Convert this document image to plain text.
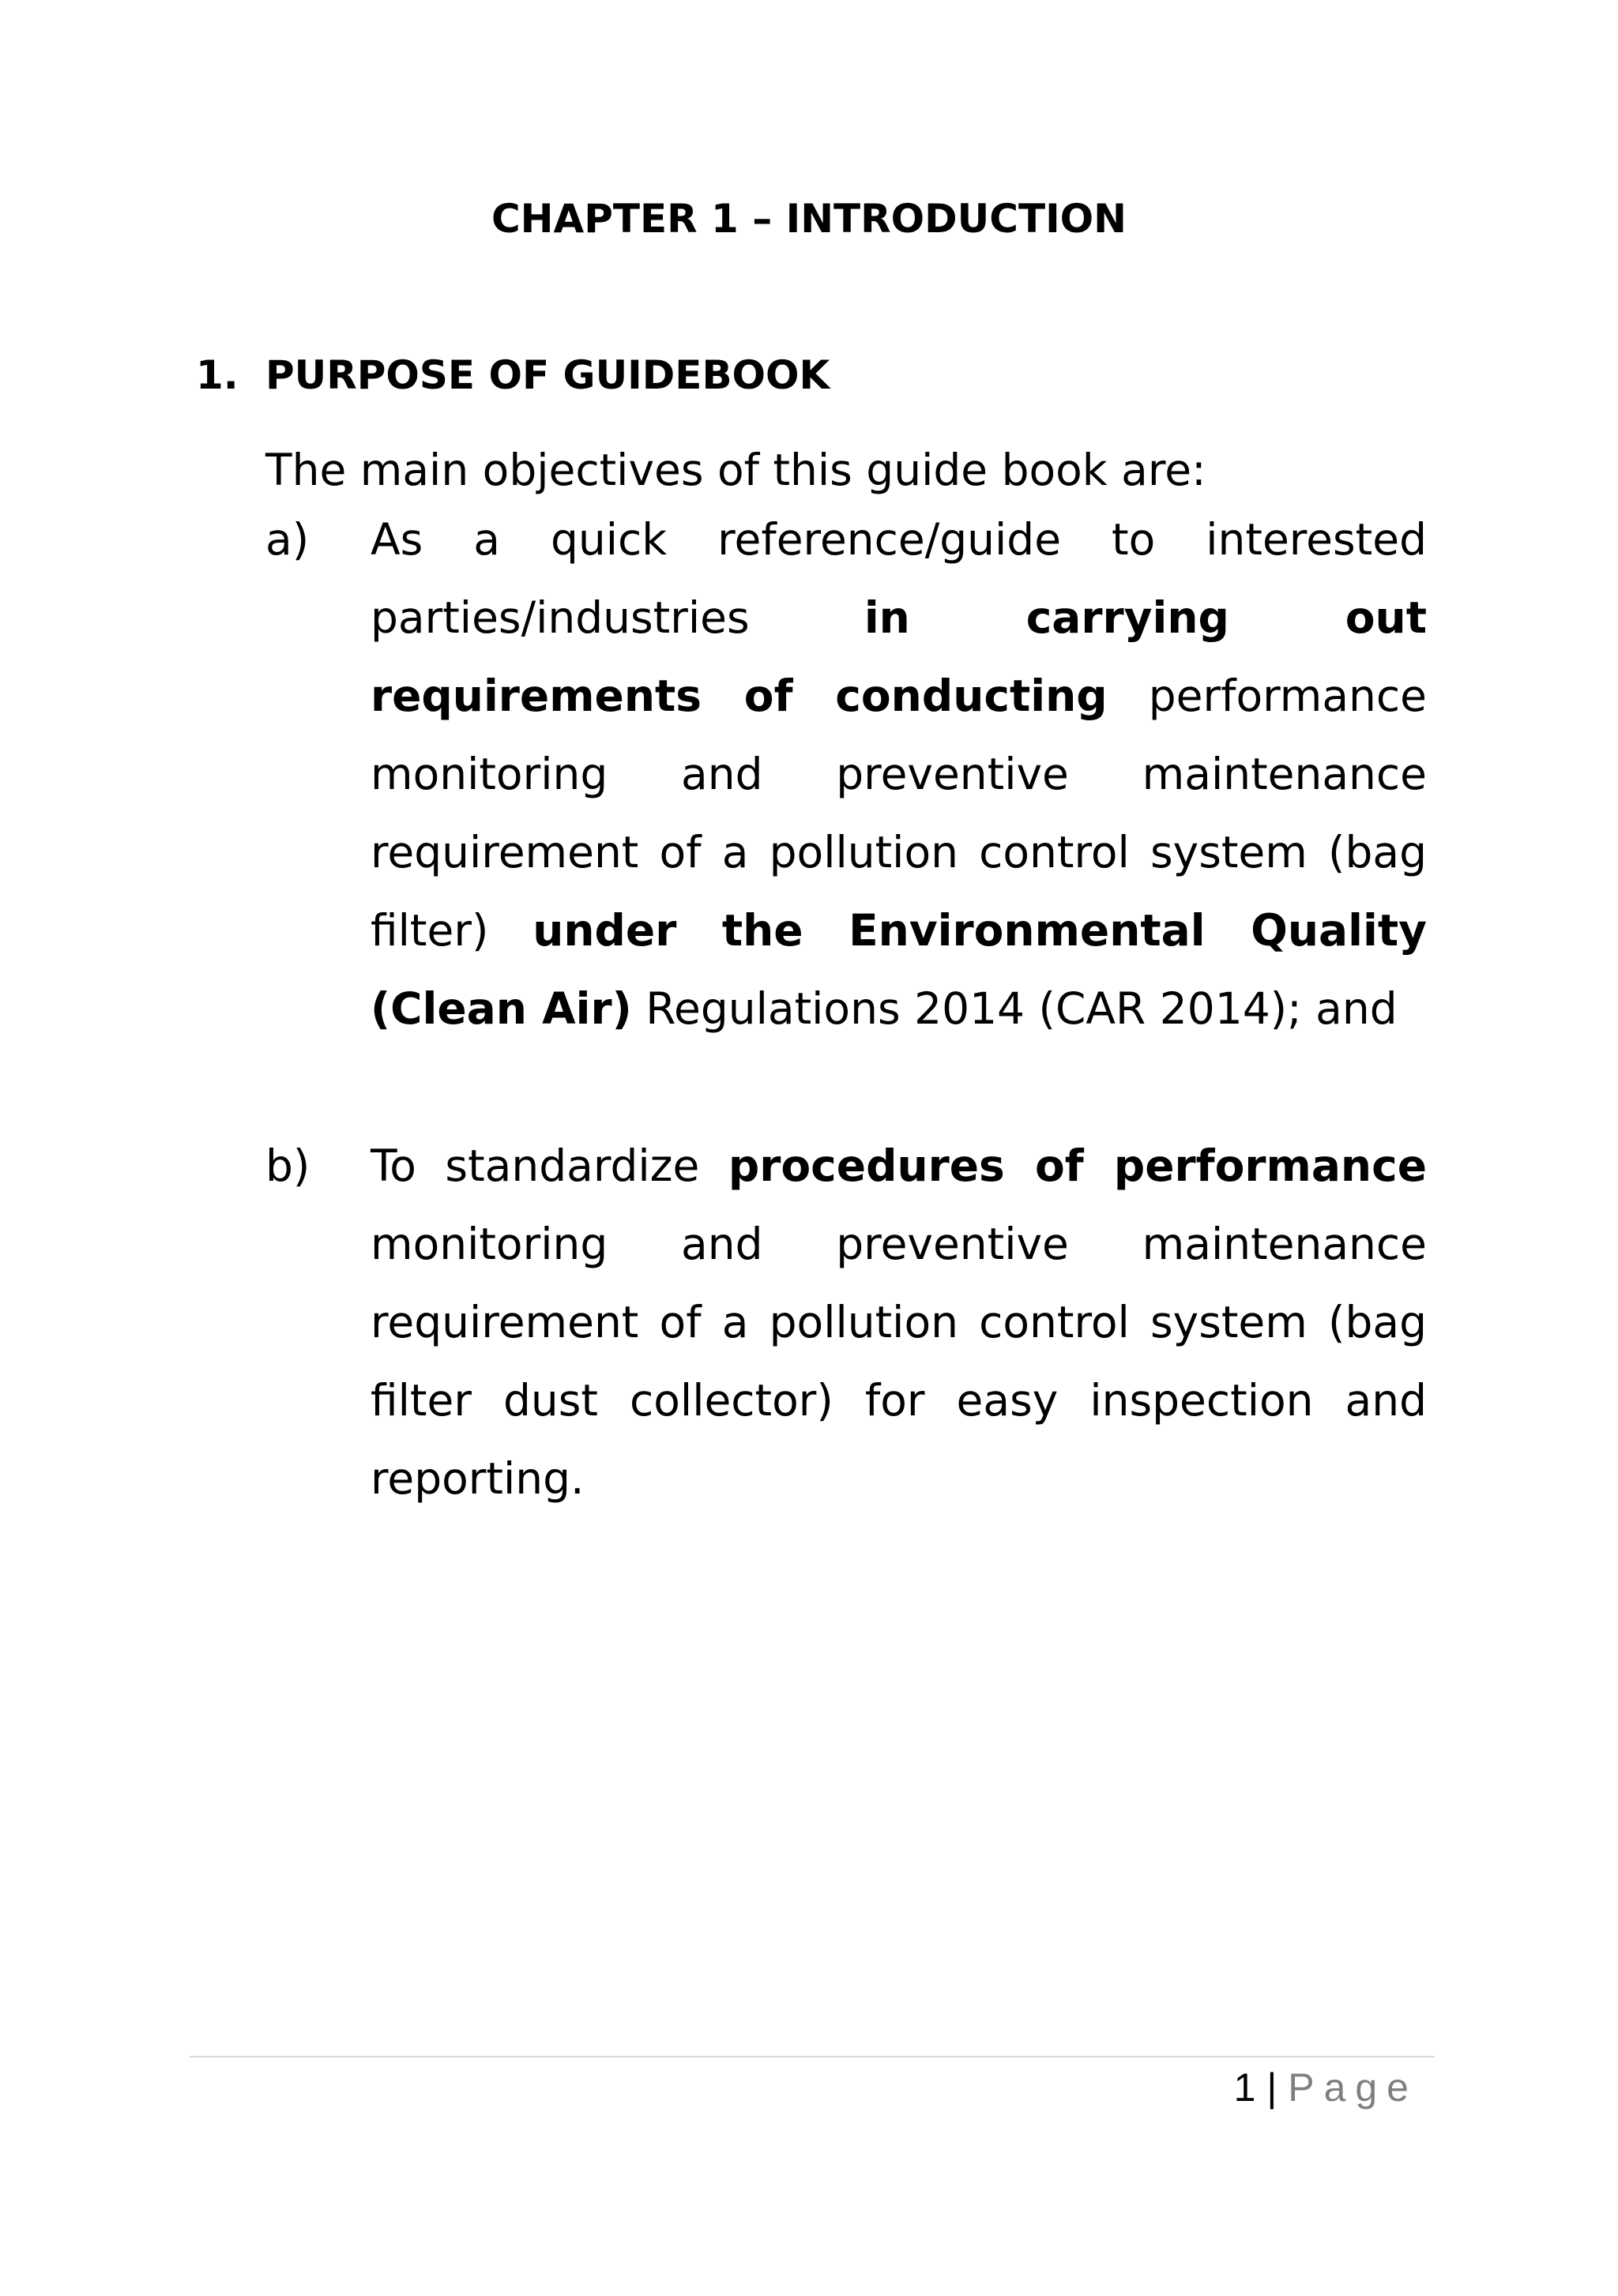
CHAPTER 1 – INTRODUCTION
1. PURPOSE OF GUIDEBOOK
The main objectives of this guide book are:
a) As a quick reference/guide to interested parties/industries in carrying out requirements of conducting performance monitoring and preventive maintenance requirement of a pollution control system (bag filter) under the Environmental Quality (Clean Air) Regulations 2014 (CAR 2014); and
b) To standardize procedures of performance monitoring and preventive maintenance requirement of a pollution control system (bag filter dust collector) for easy inspection and reporting.
1 | Page
